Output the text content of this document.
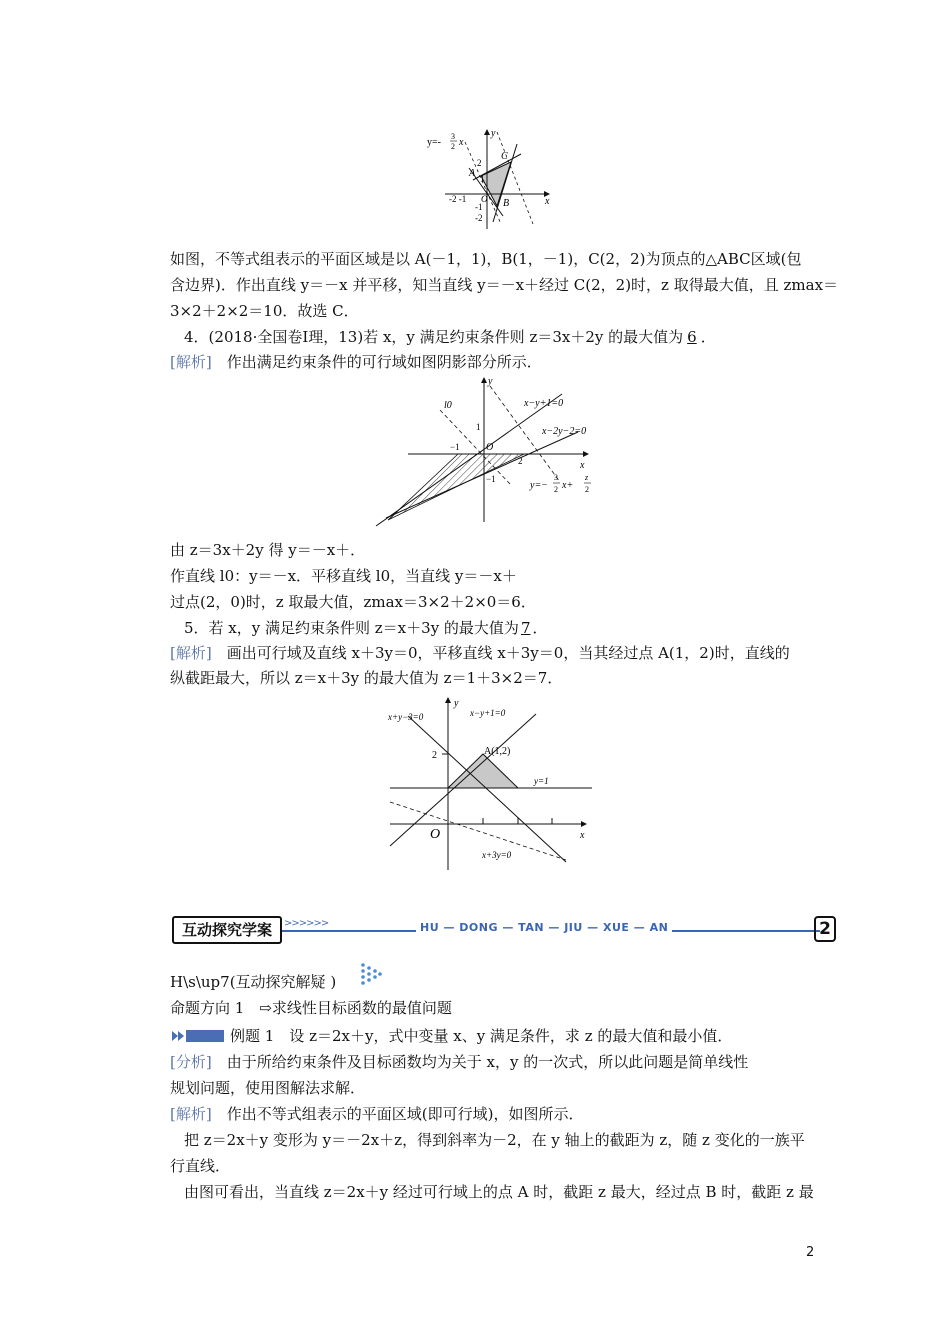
y=-
3
2 x
y
x
2
1
-2 -1
-1
-2
O
A
B
C
如图，不等式组表示的平面区域是以 A(－1，1)，B(1，－1)，C(2，2)为顶点的△ABC区域(包
含边界)．作出直线 y＝－x 并平移，知当直线 y＝－x＋经过 C(2，2)时，z 取得最大值，且 zmax＝
3×2＋2×2＝10．故选 C．
4．(2018·全国卷Ⅰ理，13)若 x，y 满足约束条件则 z＝3x＋2y 的最大值为 6 ．
[解析]　 作出满足约束条件的可行域如图阴影部分所示．
l0	x−y+1=0
x−2y−2=0
y=−
3
2 x+
z
2
y
x
O
1
−1
2
−1
由 z＝3x＋2y 得 y＝－x＋．
作直线 l0：y＝－x．平移直线 l0，当直线 y＝－x＋
过点(2，0)时，z 取最大值，zmax＝3×2＋2×0＝6．
5．若 x，y 满足约束条件则 z＝x＋3y 的最大值为 7 ．
[解析]　 画出可行域及直线 x＋3y＝0，平移直线 x＋3y＝0，当其经过点 A(1，2)时，直线的
纵截距最大，所以 z＝x＋3y 的最大值为 z＝1＋3×2＝7．
x+y−3=0	x−y+1=0
y=1
x+3y=0
A(1,2)
y
x
O
2
互动探究学案	>>>>>>	HU — DONG — TAN — JIU — XUE — AN	2
H\s\up7(互动探究解疑 )
命题方向 1　⇨求线性目标函数的最值问题
例题 1　设 z＝2x＋y，式中变量 x、y 满足条件，求 z 的最大值和最小值．
[分析]　 由于所给约束条件及目标函数均为关于 x，y 的一次式，所以此问题是简单线性
规划问题，使用图解法求解．
[解析]　 作出不等式组表示的平面区域(即可行域)，如图所示．
把 z＝2x＋y 变形为 y＝－2x＋z，得到斜率为－2，在 y 轴上的截距为 z，随 z 变化的一族平
行直线．
由图可看出，当直线 z＝2x＋y 经过可行域上的点 A 时，截距 z 最大，经过点 B 时，截距 z 最
2
